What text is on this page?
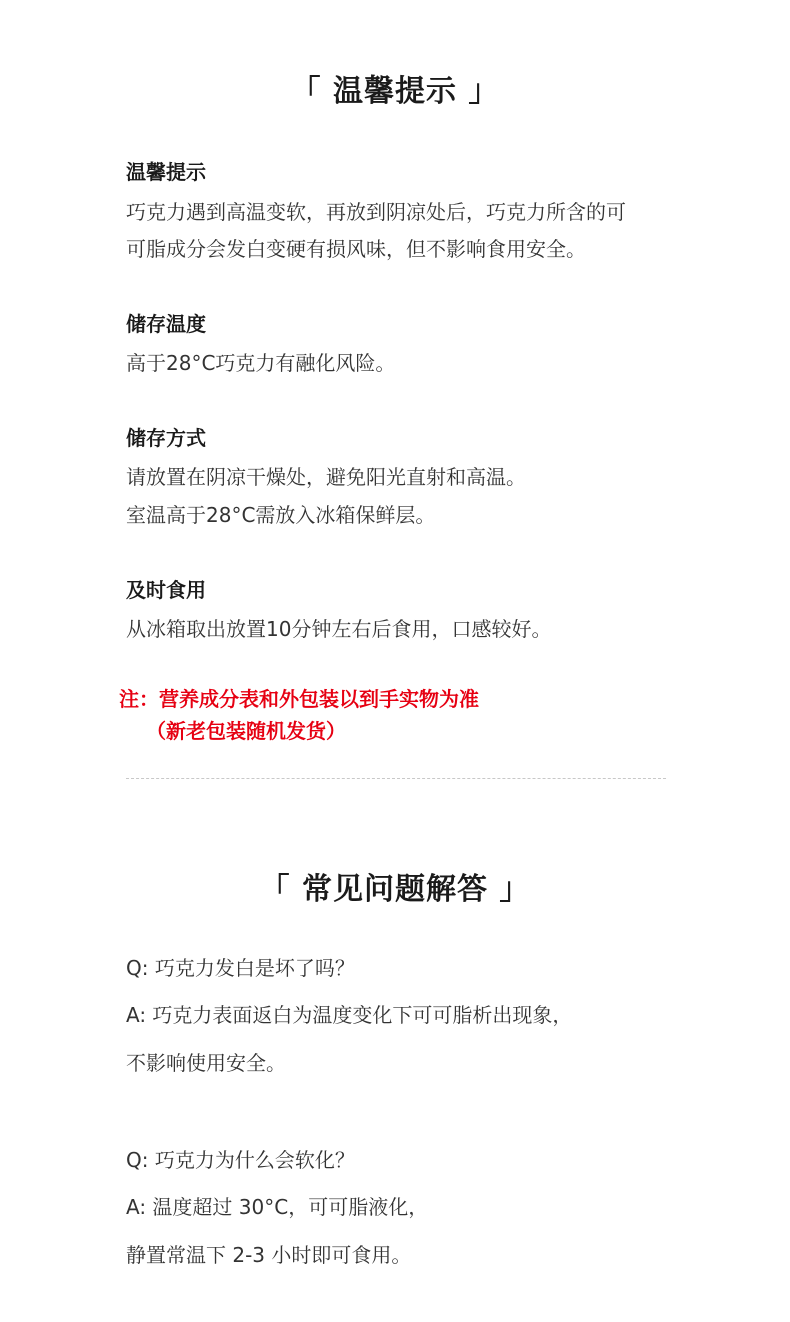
「 温馨提示 」
温馨提示
巧克力遇到高温变软，再放到阴凉处后，巧克力所含的可
可脂成分会发白变硬有损风味，但不影响食用安全。
储存温度
高于28°C巧克力有融化风险。
储存方式
请放置在阴凉干燥处，避免阳光直射和高温。
室温高于28°C需放入冰箱保鲜层。
及时食用
从冰箱取出放置10分钟左右后食用，口感较好。
注：营养成分表和外包装以到手实物为准
（新老包装随机发货）
「 常见问题解答 」
Q: 巧克力发白是坏了吗？
A: 巧克力表面返白为温度变化下可可脂析出现象，
不影响使用安全。
Q: 巧克力为什么会软化？
A: 温度超过 30°C，可可脂液化，
静置常温下 2-3 小时即可食用。
